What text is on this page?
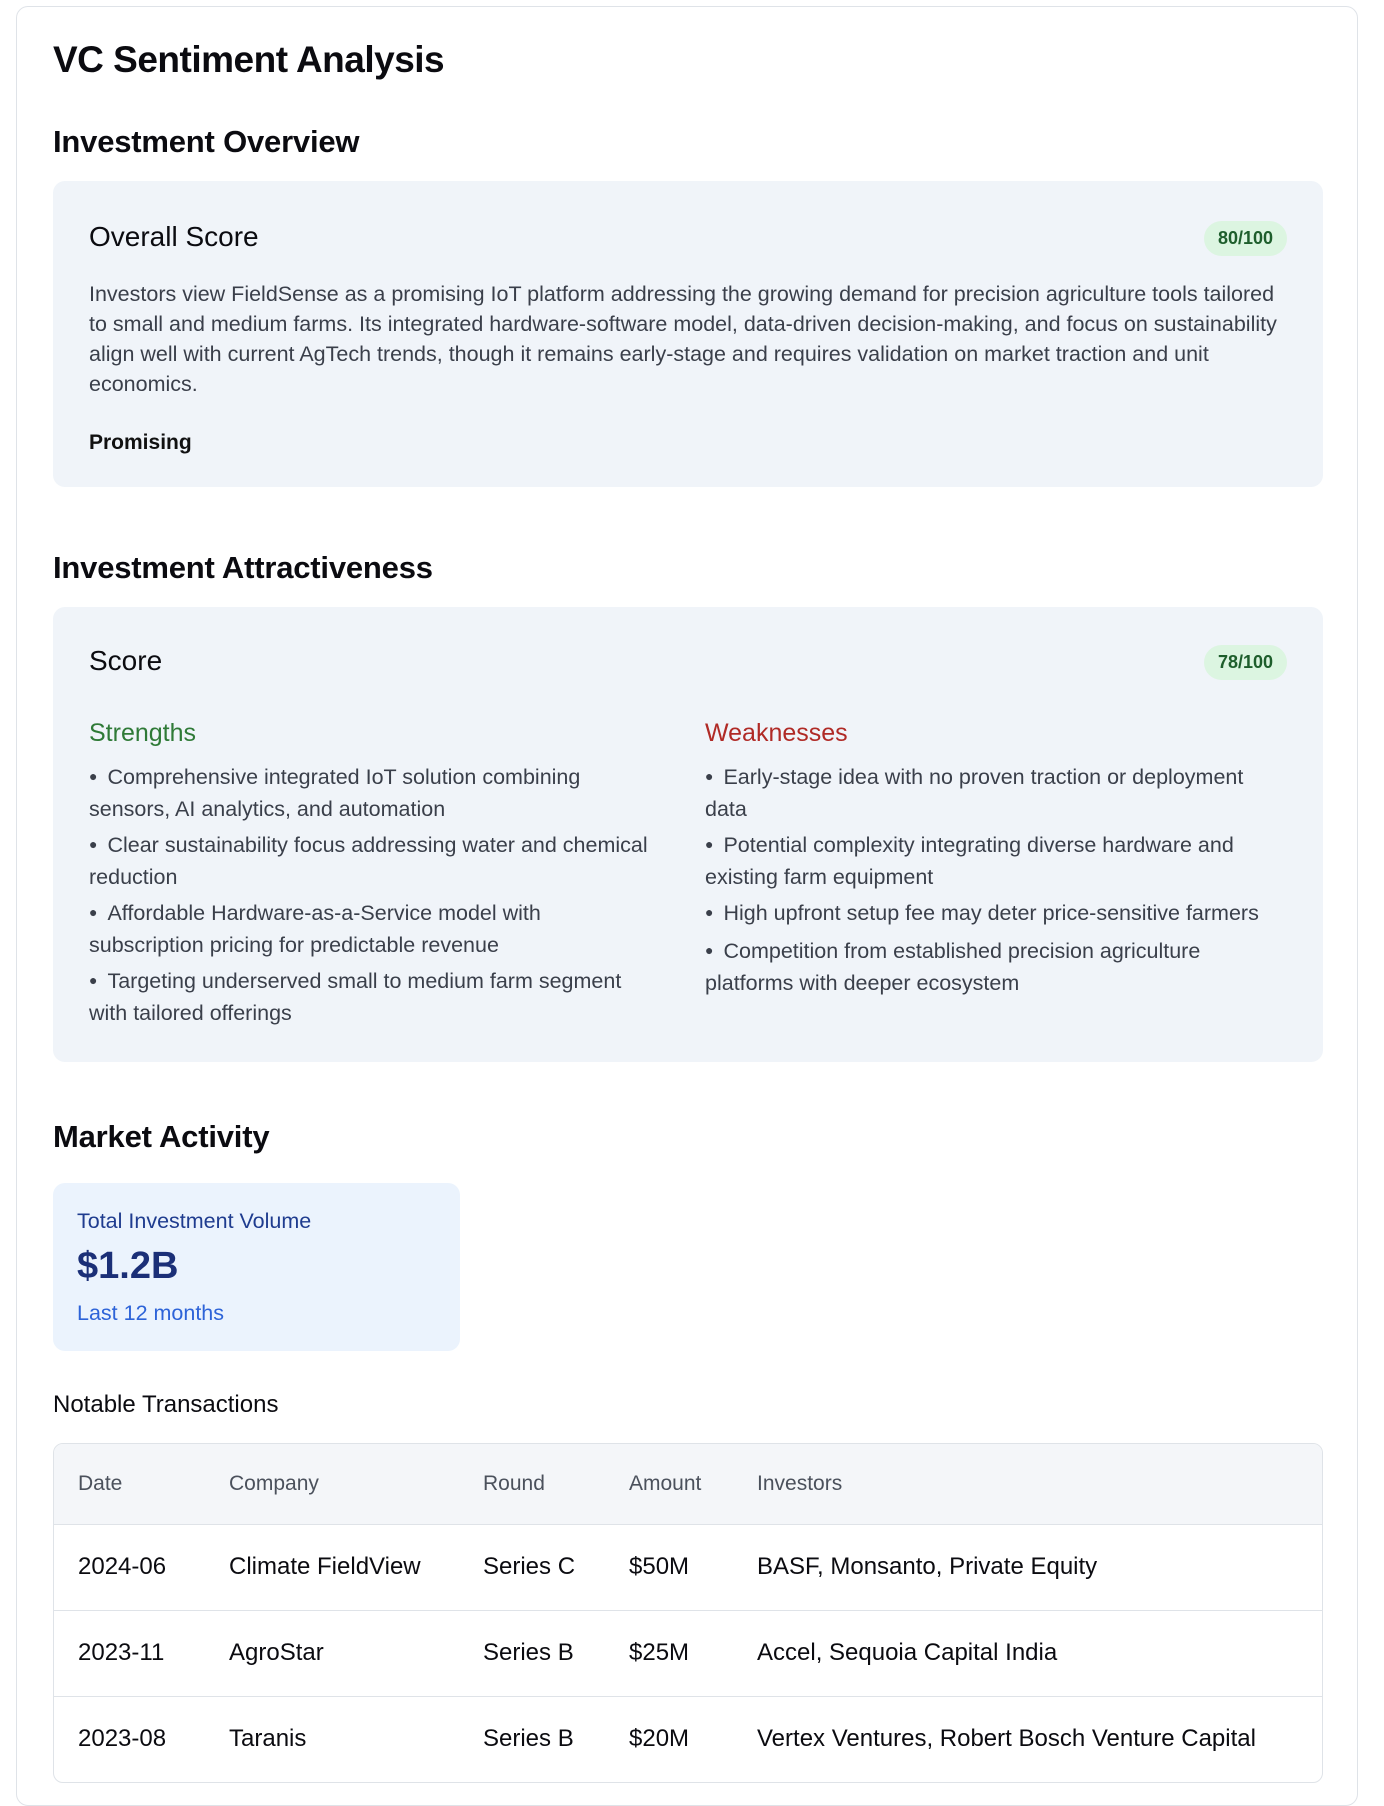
VC Sentiment Analysis
Investment Overview
Overall Score	80/100
Investors view FieldSense as a promising IoT platform addressing the growing demand for precision agriculture tools tailored to small and medium farms. Its integrated hardware-software model, data-driven decision-making, and focus on sustainability align well with current AgTech trends, though it remains early-stage and requires validation on market traction and unit economics.
Promising
Investment Attractiveness
Score	78/100
Strengths
● Comprehensive integrated IoT solution combining sensors, AI analytics, and automation
● Clear sustainability focus addressing water and chemical reduction
● Affordable Hardware-as-a-Service model with subscription pricing for predictable revenue
● Targeting underserved small to medium farm segment with tailored offerings
Weaknesses
● Early-stage idea with no proven traction or deployment data
● Potential complexity integrating diverse hardware and existing farm equipment
● High upfront setup fee may deter price-sensitive farmers
● Competition from established precision agriculture platforms with deeper ecosystem
Market Activity
Total Investment Volume
$1.2B
Last 12 months
Notable Transactions
Date	Company	Round	Amount	Investors
2024-06	Climate FieldView	Series C	$50M	BASF, Monsanto, Private Equity
2023-11	AgroStar	Series B	$25M	Accel, Sequoia Capital India
2023-08	Taranis	Series B	$20M	Vertex Ventures, Robert Bosch Venture Capital
